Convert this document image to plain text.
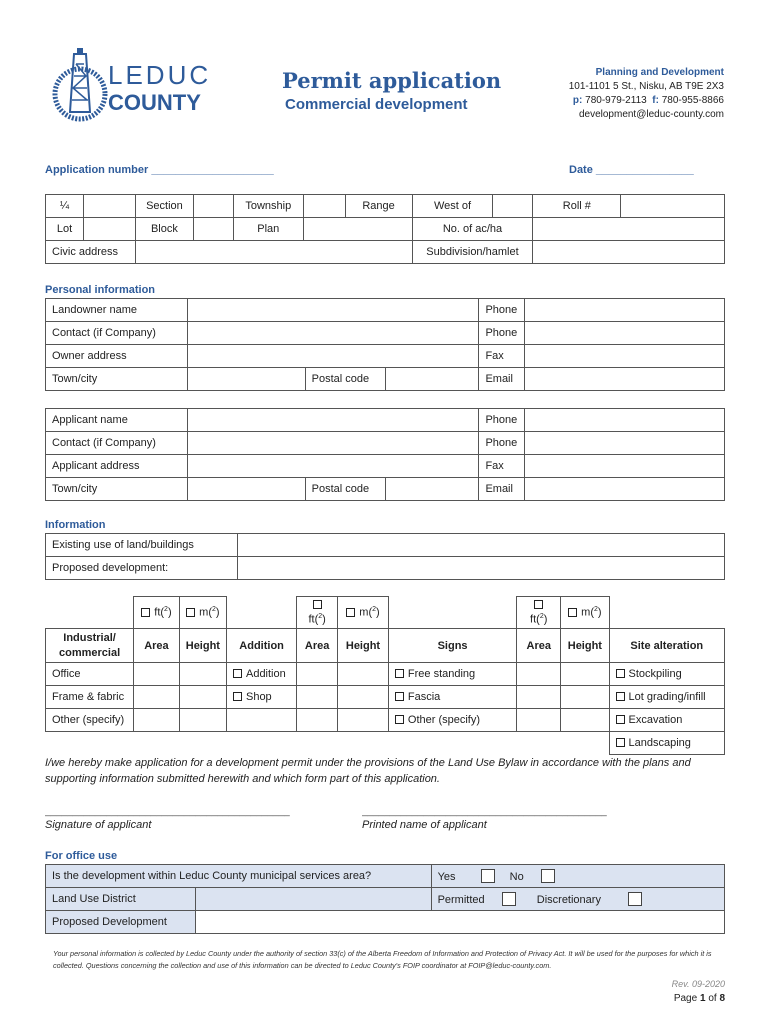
LEDUC
COUNTY
Permit application
Commercial development
Planning and Development
101-1101 5 St., Nisku, AB T9E 2X3
p: 780-979-2113 f: 780-955-8866
development@leduc-county.com
Application number ____________________	Date ________________
¼		Section		Township		Range	West of		Roll #	
Lot		Block		Plan			No. of ac/ha			
Civic address							Subdivision/hamlet			
Personal information
Landowner name				Phone	
Contact (if Company)				Phone	
Owner address				Fax	
Town/city		Postal code		Email	
Applicant name				Phone	
Contact (if Company)				Phone	
Applicant address				Fax	
Town/city		Postal code		Email	
Information
Existing use of land/buildings	
Proposed development:	
	ft($^2$)	m($^2$)		ft($^2$)	m($^2$)		ft($^2$)	m($^2$)	
Industrial/ commercial	Area	Height	Addition	Area	Height	Signs	Area	Height	Site alteration
Office			Addition			Free standing			Stockpiling
Frame & fabric			Shop			Fascia			Lot grading/infill
Other (specify)						Other (specify)			Excavation
									Landscaping
I/we hereby make application for a development permit under the provisions of the Land Use Bylaw in accordance with the plans and supporting information submitted herewith and which form part of this application.
____________________________________________
Signature of applicant
____________________________________________
Printed name of applicant
For office use
Is the development within Leduc County municipal services area?		Yes No
Land Use District		Permitted Discretionary
Proposed Development		
Your personal information is collected by Leduc County under the authority of section 33(c) of the Alberta Freedom of Information and Protection of Privacy Act. It will be used for the purposes for which it is collected. Questions concerning the collection and use of this information can be directed to Leduc County's FOIP coordinator at FOIP@leduc-county.com.
Rev. 09-2020
Page 1 of 8
